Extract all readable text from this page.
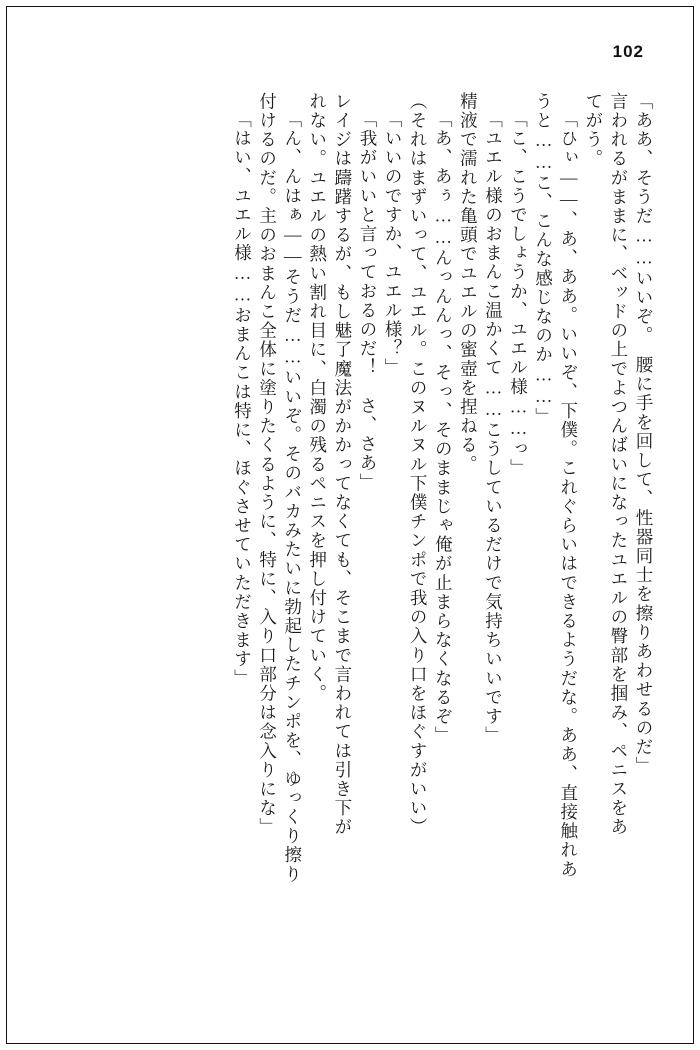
102
「ああ、そうだ……いいぞ。　腰に手を回して、性器同士を擦りあわせるのだ」
言われるがままに、ベッドの上でよつんばいになったユエルの臀部を掴み、ペニスをあ
てがう。
「ひぃ――、あ、ああ。いいぞ、下僕。これぐらいはできるようだな。ああ、直接触れあ
うと……こ、こんな感じなのか……」
「こ、こうでしょうか、ユエル様……っ」
「ユエル様のおまんこ温かくて……こうしているだけで気持ちいいです」
精液で濡れた亀頭でユエルの蜜壺を捏ねる。
「あ、あぅ……んっんんっ、そっ、そのままじゃ俺が止まらなくなるぞ」
（それはまずいって、ユエル。このヌルヌル下僕チンポで我の入り口をほぐすがいい）
「いいのですか、ユエル様？」
「我がいいと言っておるのだ！　さ、さあ」
レイジは躊躇するが、もし魅了魔法がかかってなくても、そこまで言われては引き下が
れない。ユエルの熱い割れ目に、白濁の残るペニスを押し付けていく。
「ん、んはぁ――そうだ……いいぞ。そのバカみたいに勃起したチンポを、ゆっくり擦り
付けるのだ。主のおまんこ全体に塗りたくるように、特に、入り口部分は念入りにな」
「はい、ユエル様……おまんこは特に、ほぐさせていただきます」
